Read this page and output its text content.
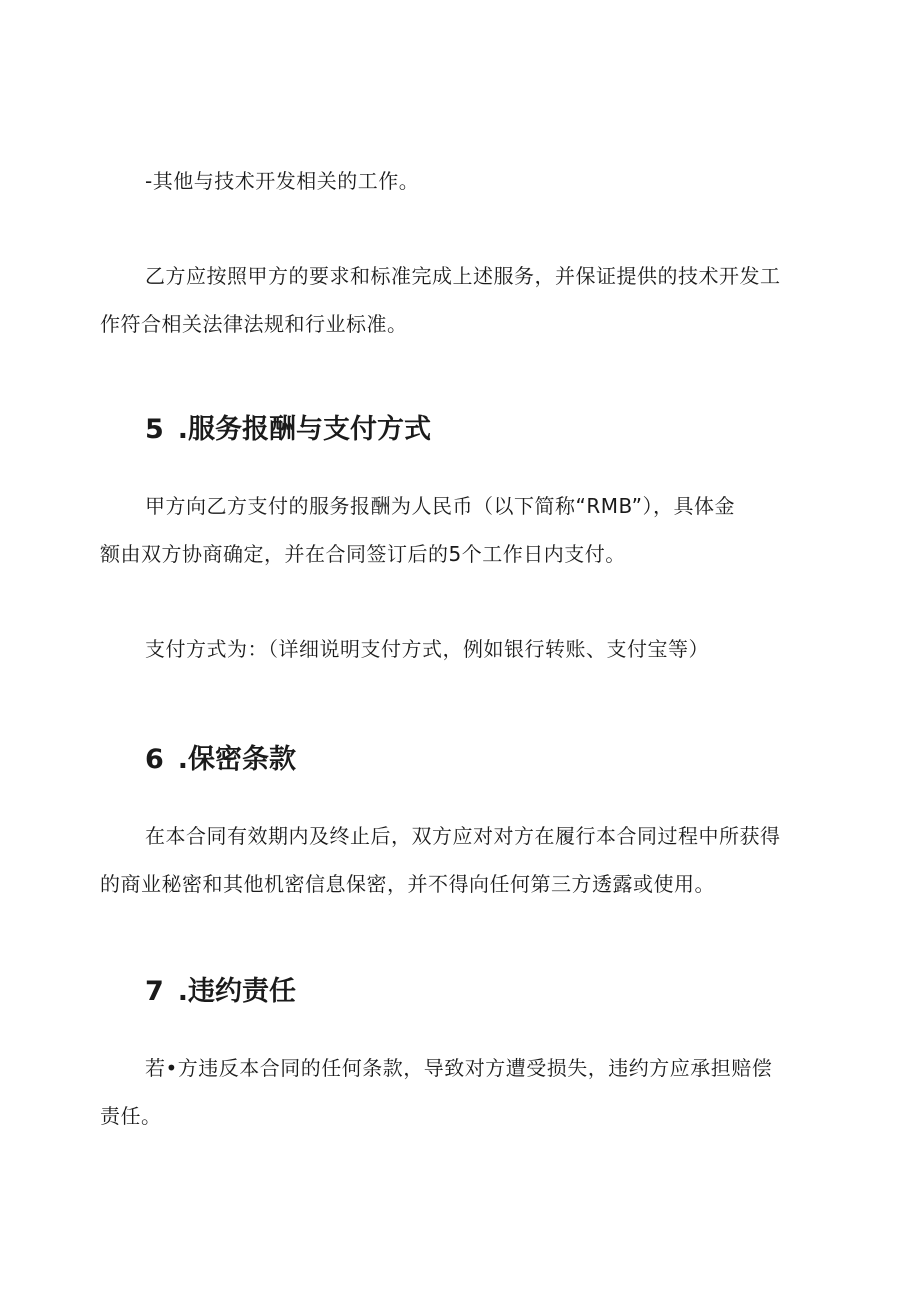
-其他与技术开发相关的工作。
乙方应按照甲方的要求和标准完成上述服务，并保证提供的技术开发工
作符合相关法律法规和行业标准。
5 .服务报酬与支付方式
甲方向乙方支付的服务报酬为人民币（以下简称“RMB”），具体金
额由双方协商确定，并在合同签订后的5个工作日内支付。
支付方式为：（详细说明支付方式，例如银行转账、支付宝等）
6 .保密条款
在本合同有效期内及终止后，双方应对对方在履行本合同过程中所获得
的商业秘密和其他机密信息保密，并不得向任何第三方透露或使用。
7 .违约责任
若•方违反本合同的任何条款，导致对方遭受损失，违约方应承担赔偿
责任。
